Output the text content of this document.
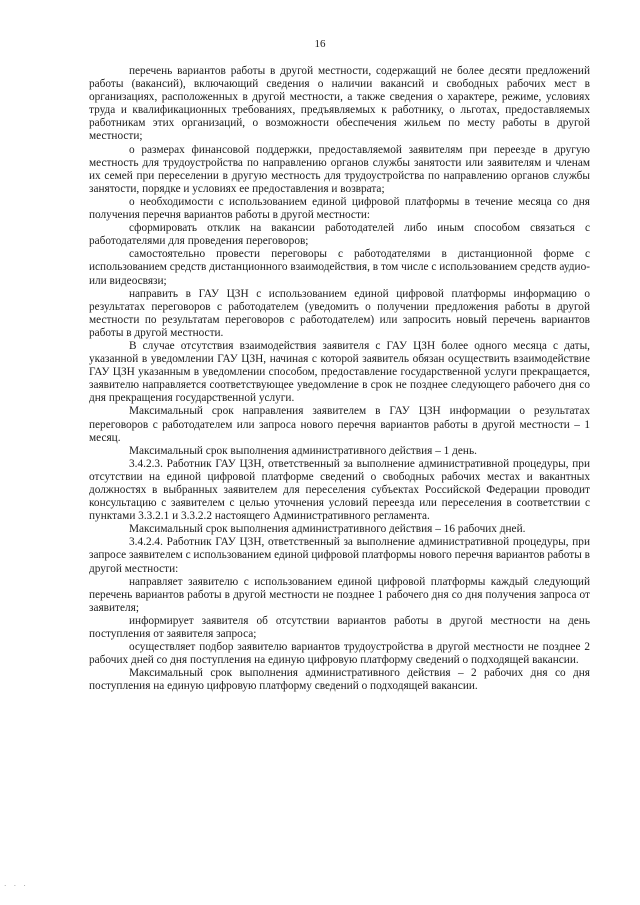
16

перечень вариантов работы в другой местности, содержащий не более десяти предложений работы (вакансий), включающий сведения о наличии вакансий и свободных рабочих мест в организациях, расположенных в другой местности, а также сведения о характере, режиме, условиях труда и квалификационных требованиях, предъявляемых к работнику, о льготах, предоставляемых работникам этих организаций, о возможности обеспечения жильем по месту работы в другой местности;

о размерах финансовой поддержки, предоставляемой заявителям при переезде в другую местность для трудоустройства по направлению органов службы занятости или заявителям и членам их семей при переселении в другую местность для трудоустройства по направлению органов службы занятости, порядке и условиях ее предоставления и возврата;

о необходимости с использованием единой цифровой платформы в течение месяца со дня получения перечня вариантов работы в другой местности:

сформировать отклик на вакансии работодателей либо иным способом связаться с работодателями для проведения переговоров;

самостоятельно провести переговоры с работодателями в дистанционной форме с использованием средств дистанционного взаимодействия, в том числе с использованием средств аудио- или видеосвязи;

направить в ГАУ ЦЗН с использованием единой цифровой платформы информацию о результатах переговоров с работодателем (уведомить о получении предложения работы в другой местности по результатам переговоров с работодателем) или запросить новый перечень вариантов работы в другой местности.

В случае отсутствия взаимодействия заявителя с ГАУ ЦЗН более одного месяца с даты, указанной в уведомлении ГАУ ЦЗН, начиная с которой заявитель обязан осуществить взаимодействие ГАУ ЦЗН указанным в уведомлении способом, предоставление государственной услуги прекращается, заявителю направляется соответствующее уведомление в срок не позднее следующего рабочего дня со дня прекращения государственной услуги.

Максимальный срок направления заявителем в ГАУ ЦЗН информации о результатах переговоров с работодателем или запроса нового перечня вариантов работы в другой местности – 1 месяц.

Максимальный срок выполнения административного действия – 1 день.

3.4.2.3. Работник ГАУ ЦЗН, ответственный за выполнение административной процедуры, при отсутствии на единой цифровой платформе сведений о свободных рабочих местах и вакантных должностях в выбранных заявителем для переселения субъектах Российской Федерации проводит консультацию с заявителем с целью уточнения условий переезда или переселения в соответствии с пунктами 3.3.2.1 и 3.3.2.2 настоящего Административного регламента.

Максимальный срок выполнения административного действия – 16 рабочих дней.

3.4.2.4. Работник ГАУ ЦЗН, ответственный за выполнение административной процедуры, при запросе заявителем с использованием единой цифровой платформы нового перечня вариантов работы в другой местности:

направляет заявителю с использованием единой цифровой платформы каждый следующий перечень вариантов работы в другой местности не позднее 1 рабочего дня со дня получения запроса от заявителя;

информирует заявителя об отсутствии вариантов работы в другой местности на день поступления от заявителя запроса;

осуществляет подбор заявителю вариантов трудоустройства в другой местности не позднее 2 рабочих дней со дня поступления на единую цифровую платформу сведений о подходящей вакансии.

Максимальный срок выполнения административного действия – 2 рабочих дня со дня поступления на единую цифровую платформу сведений о подходящей вакансии.

· · ·
